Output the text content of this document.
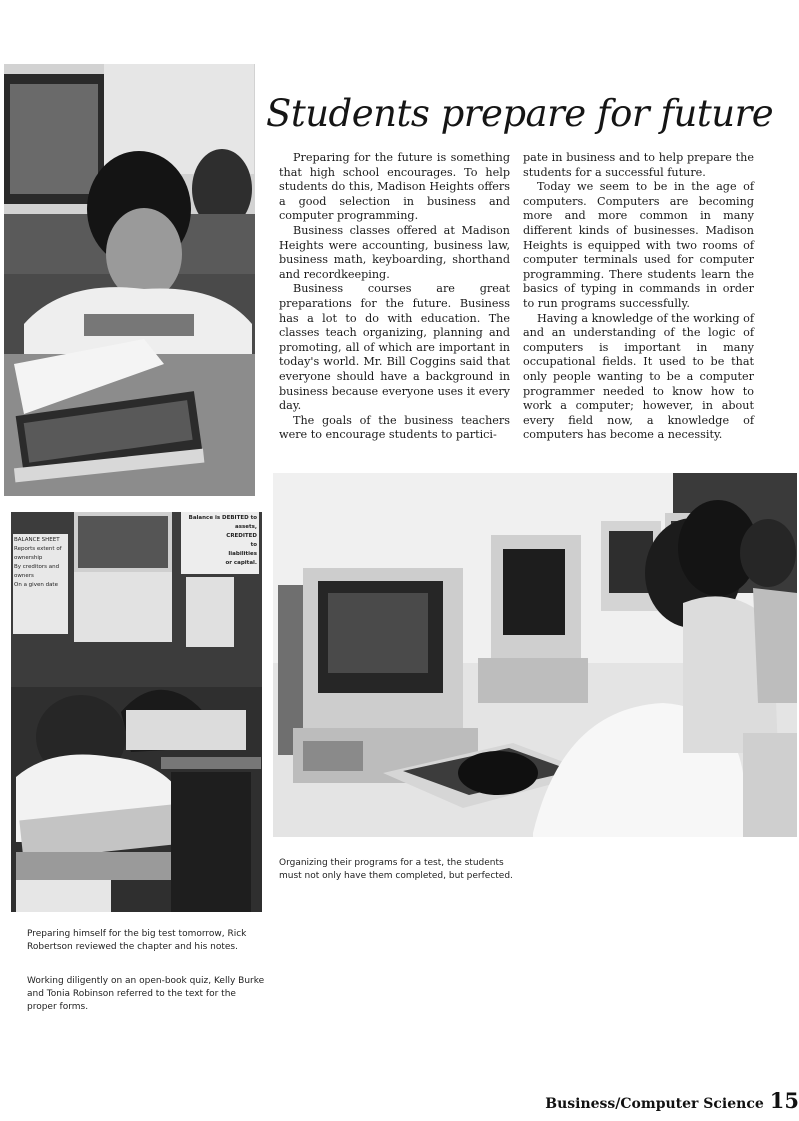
BALANCE SHEET
Reports extent of ownership
By creditors and owners
On a given date
Balance is DEBITED to
assets,
CREDITED
to
liabilities
or capital.
Students prepare for future

Preparing for the future is something that high school encourages. To help students do this, Madison Heights offers a good selection in business and computer programming.

Business classes offered at Madison Heights were accounting, business law, business math, keyboarding, shorthand and recordkeeping.

Business courses are great preparations for the future. Business has a lot to do with education. The classes teach organizing, planning and promoting, all of which are important in today's world. Mr. Bill Coggins said that everyone should have a background in business because everyone uses it every day.

The goals of the business teachers were to encourage students to partici-

pate in business and to help prepare the students for a successful future.

Today we seem to be in the age of computers. Computers are becoming more and more common in many different kinds of businesses. Madison Heights is equipped with two rooms of computer terminals used for computer programming. There students learn the basics of typing in commands in order to run programs successfully.

Having a knowledge of the working of and an understanding of the logic of computers is important in many occupational fields. It used to be that only people wanting to be a computer programmer needed to know how to work a computer; however, in about every field now, a knowledge of computers has become a necessity.

Organizing their programs for a test, the students must not only have them completed, but perfected.

Preparing himself for the big test tomorrow, Rick Robertson reviewed the chapter and his notes.

Working diligently on an open-book quiz, Kelly Burke and Tonia Robinson referred to the text for the proper forms.

Business/Computer Science 15
